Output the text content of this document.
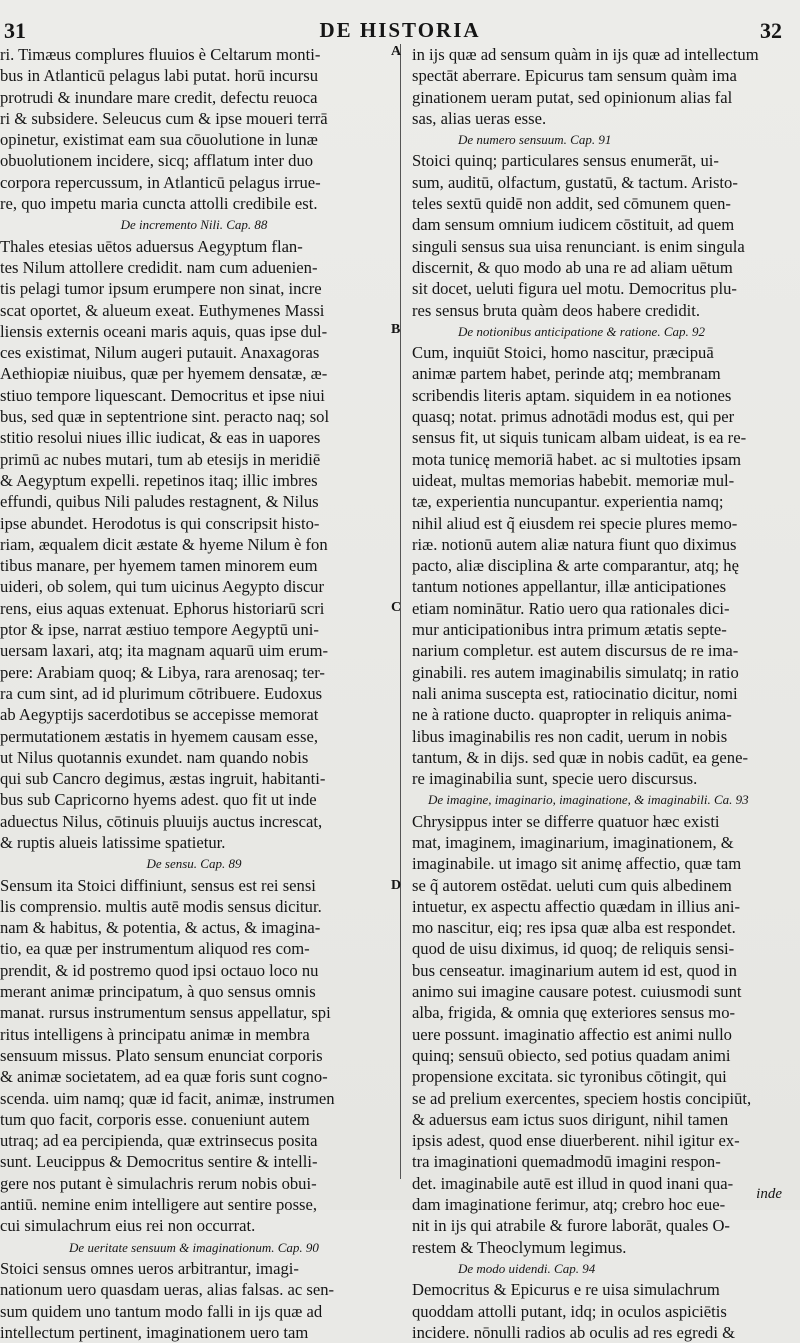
31	DE HISTORIA	32
ri. Timæus complures fluuios è Celtarum monti-
bus in Atlanticū pelagus labi putat. horū incursu
protrudi & inundare mare credit, defectu reuoca
ri & subsidere. Seleucus cum & ipse moueri terrā
opinetur, existimat eam sua cōuolutione in lunæ
obuolutionem incidere, sicq; afflatum inter duo
corpora repercussum, in Atlanticū pelagus irrue-
re, quo impetu maria cuncta attolli credibile est.
De incremento Nili. Cap. 88
Thales etesias uētos aduersus Aegyptum flan-
tes Nilum attollere credidit. nam cum aduenien-
tis pelagi tumor ipsum erumpere non sinat, incre
scat oportet, & alueum exeat. Euthymenes Massi
liensis externis oceani maris aquis, quas ipse dul-
ces existimat, Nilum augeri putauit. Anaxagoras
Aethiopiæ niuibus, quæ per hyemem densatæ, æ-
stiuo tempore liquescant. Democritus et ipse niui
bus, sed quæ in septentrione sint. peracto naq; sol
stitio resolui niues illic iudicat, & eas in uapores
primū ac nubes mutari, tum ab etesijs in meridiē
& Aegyptum expelli. repetinos itaq; illic imbres
effundi, quibus Nili paludes restagnent, & Nilus
ipse abundet. Herodotus is qui conscripsit histo-
riam, æqualem dicit æstate & hyeme Nilum è fon
tibus manare, per hyemem tamen minorem eum
uideri, ob solem, qui tum uicinus Aegypto discur
rens, eius aquas extenuat. Ephorus historiarū scri
ptor & ipse, narrat æstiuo tempore Aegyptū uni-
uersam laxari, atq; ita magnam aquarū uim erum-
pere: Arabiam quoq; & Libya, rara arenosaq; ter-
ra cum sint, ad id plurimum cōtribuere. Eudoxus
ab Aegyptijs sacerdotibus se accepisse memorat
permutationem æstatis in hyemem causam esse,
ut Nilus quotannis exundet. nam quando nobis
qui sub Cancro degimus, æstas ingruit, habitanti-
bus sub Capricorno hyems adest. quo fit ut inde
aduectus Nilus, cōtinuis pluuijs auctus increscat,
& ruptis alueis latissime spatietur.
De sensu. Cap. 89
Sensum ita Stoici diffiniunt, sensus est rei sensi
lis comprensio. multis autē modis sensus dicitur.
nam & habitus, & potentia, & actus, & imagina-
tio, ea quæ per instrumentum aliquod res com-
prendit, & id postremo quod ipsi octauo loco nu
merant animæ principatum, à quo sensus omnis
manat. rursus instrumentum sensus appellatur, spi
ritus intelligens à principatu animæ in membra
sensuum missus. Plato sensum enunciat corporis
& animæ societatem, ad ea quæ foris sunt cogno-
scenda. uim namq; quæ id facit, animæ, instrumen
tum quo facit, corporis esse. conueniunt autem
utraq; ad ea percipienda, quæ extrinsecus posita
sunt. Leucippus & Democritus sentire & intelli-
gere nos putant è simulachris rerum nobis obui-
antiū. nemine enim intelligere aut sentire posse,
cui simulachrum eius rei non occurrat.
De ueritate sensuum & imaginationum. Cap. 90
Stoici sensus omnes ueros arbitrantur, imagi-
nationum uero quasdam ueras, alias falsas. ac sen-
sum quidem uno tantum modo falli in ijs quæ ad
intellectum pertinent, imaginationem uero tam
in ijs quæ ad sensum quàm in ijs quæ ad intellectum
spectāt aberrare. Epicurus tam sensum quàm ima
ginationem ueram putat, sed opinionum alias fal
sas, alias ueras esse.
De numero sensuum. Cap. 91
Stoici quinq; particulares sensus enumerāt, ui-
sum, auditū, olfactum, gustatū, & tactum. Aristo-
teles sextū quidē non addit, sed cōmunem quen-
dam sensum omnium iudicem cōstituit, ad quem
singuli sensus sua uisa renunciant. is enim singula
discernit, & quo modo ab una re ad aliam uētum
sit docet, ueluti figura uel motu. Democritus plu-
res sensus bruta quàm deos habere credidit.
De notionibus anticipatione & ratione. Cap. 92
Cum, inquiūt Stoici, homo nascitur, præcipuā
animæ partem habet, perinde atq; membranam
scribendis literis aptam. siquidem in ea notiones
quasq; notat. primus adnotādi modus est, qui per
sensus fit, ut siquis tunicam albam uideat, is ea re-
mota tunicę memoriā habet. ac si multoties ipsam
uideat, multas memorias habebit. memoriæ mul-
tæ, experientia nuncupantur. experientia namq;
nihil aliud est q̃ eiusdem rei specie plures memo-
riæ. notionū autem aliæ natura fiunt quo diximus
pacto, aliæ disciplina & arte comparantur, atq; hę
tantum notiones appellantur, illæ anticipationes
etiam nominātur. Ratio uero qua rationales dici-
mur anticipationibus intra primum ætatis septe-
narium completur. est autem discursus de re ima-
ginabili. res autem imaginabilis simulatq; in ratio
nali anima suscepta est, ratiocinatio dicitur, nomi
ne à ratione ducto. quapropter in reliquis anima-
libus imaginabilis res non cadit, uerum in nobis
tantum, & in dijs. sed quæ in nobis cadūt, ea gene-
re imaginabilia sunt, specie uero discursus.
De imagine, imaginario, imaginatione, & imaginabili. Ca. 93
Chrysippus inter se differre quatuor hæc existi
mat, imaginem, imaginarium, imaginationem, &
imaginabile. ut imago sit animę affectio, quæ tam
se q̃ autorem ostēdat. ueluti cum quis albedinem
intuetur, ex aspectu affectio quædam in illius ani-
mo nascitur, eiq; res ipsa quæ alba est respondet.
quod de uisu diximus, id quoq; de reliquis sensi-
bus censeatur. imaginarium autem id est, quod in
animo sui imagine causare potest. cuiusmodi sunt
alba, frigida, & omnia quę exteriores sensus mo-
uere possunt. imaginatio affectio est animi nullo
quinq; sensuū obiecto, sed potius quadam animi
propensione excitata. sic tyronibus cōtingit, qui
se ad prelium exercentes, speciem hostis concipiūt,
& aduersus eam ictus suos dirigunt, nihil tamen
ipsis adest, quod ense diuerberent. nihil igitur ex-
tra imaginationi quemadmodū imagini respon-
det. imaginabile autē est illud in quod inani qua-
dam imaginatione ferimur, atq; crebro hoc eue-
nit in ijs qui atrabile & furore laborāt, quales O-
restem & Theoclymum legimus.
De modo uidendi. Cap. 94
Democritus & Epicurus e re uisa simulachrum
quoddam attolli putant, idq; in oculos aspiciētis
incidere. nōnulli radios ab oculis ad res egredi &
A
B
C
D
inde
